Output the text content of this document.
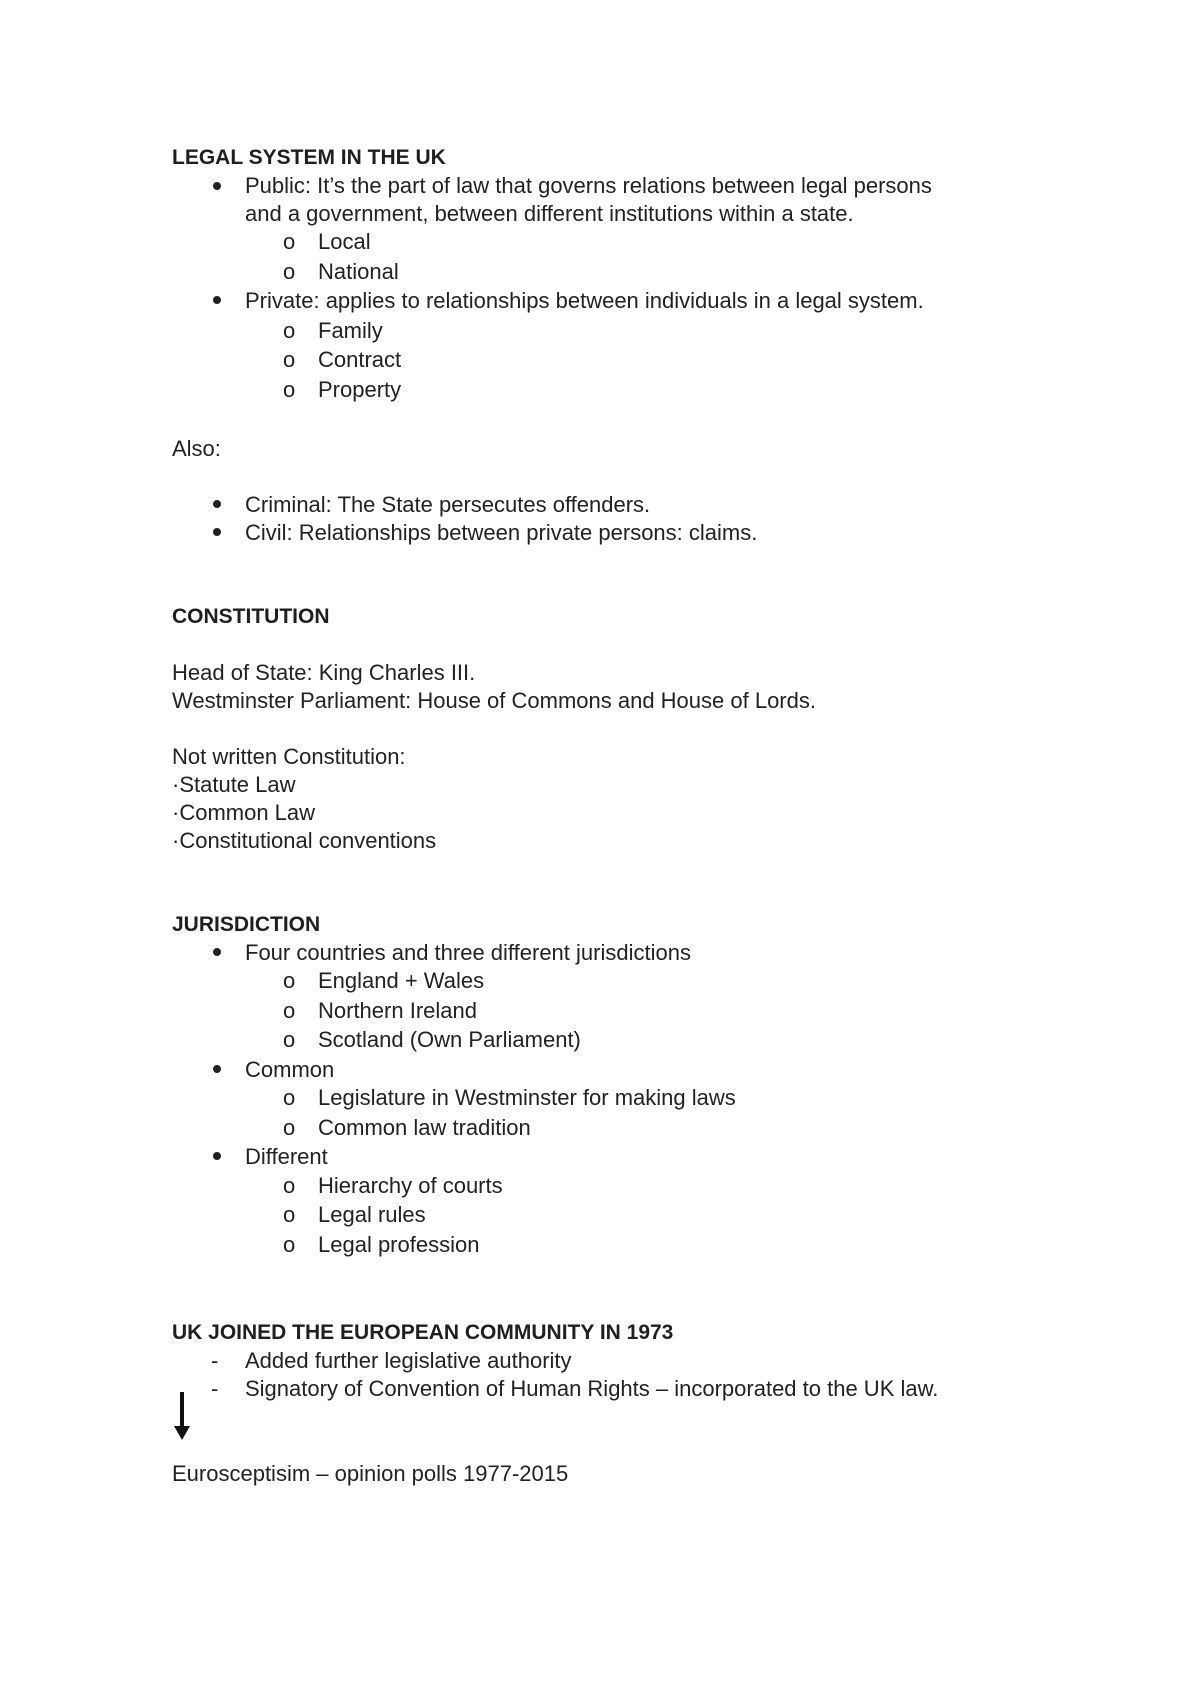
LEGAL SYSTEM IN THE UK
Public: It’s the part of law that governs relations between legal persons
and a government, between different institutions within a state.
o Local
o National
Private: applies to relationships between individuals in a legal system.
o Family
o Contract
o Property
Also:
Criminal: The State persecutes offenders.
Civil: Relationships between private persons: claims.
CONSTITUTION
Head of State: King Charles III.
Westminster Parliament: House of Commons and House of Lords.
Not written Constitution:
·Statute Law
·Common Law
·Constitutional conventions
JURISDICTION
Four countries and three different jurisdictions
o England + Wales
o Northern Ireland
o Scotland (Own Parliament)
Common
o Legislature in Westminster for making laws
o Common law tradition
Different
o Hierarchy of courts
o Legal rules
o Legal profession
UK JOINED THE EUROPEAN COMMUNITY IN 1973
- Added further legislative authority
- Signatory of Convention of Human Rights – incorporated to the UK law.
Eurosceptisim – opinion polls 1977-2015
